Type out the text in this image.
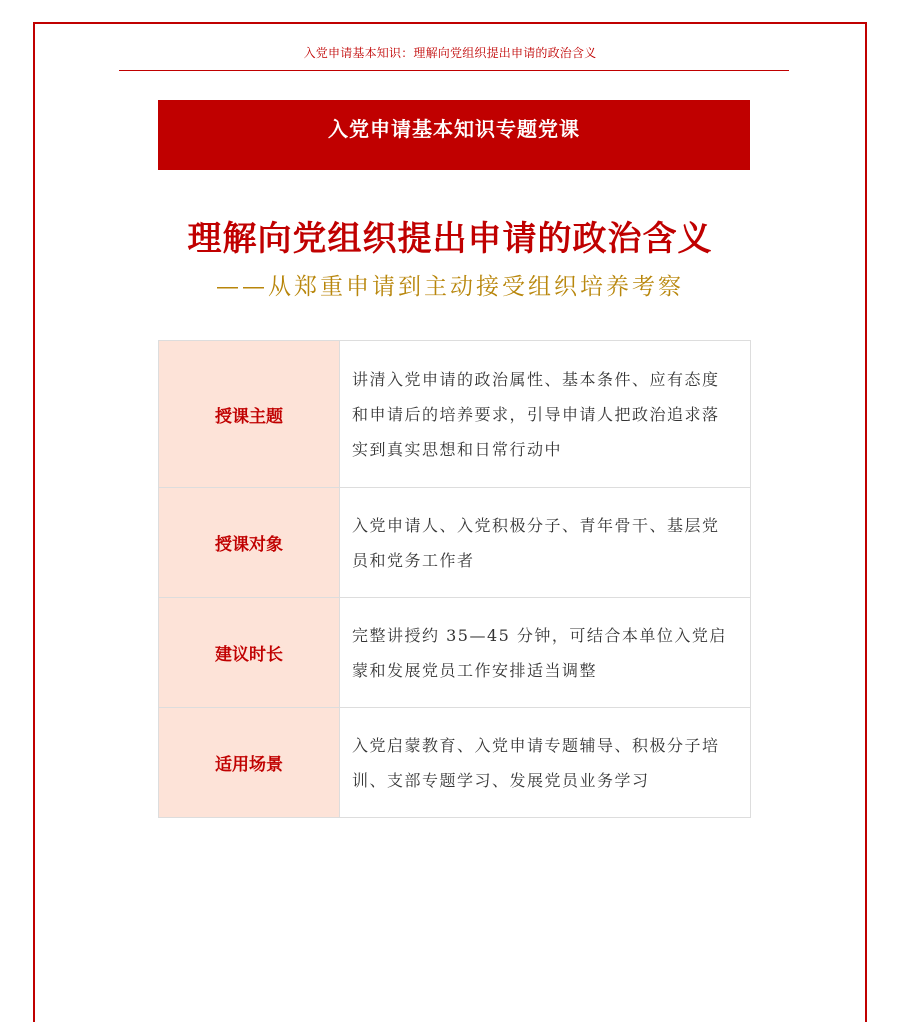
入党申请基本知识：理解向党组织提出申请的政治含义
入党申请基本知识专题党课
理解向党组织提出申请的政治含义
——从郑重申请到主动接受组织培养考察
授课主题	讲清入党申请的政治属性、基本条件、应有态度和申请后的培养要求，引导申请人把政治追求落实到真实思想和日常行动中
授课对象	入党申请人、入党积极分子、青年骨干、基层党员和党务工作者
建议时长	完整讲授约 35—45 分钟，可结合本单位入党启蒙和发展党员工作安排适当调整
适用场景	入党启蒙教育、入党申请专题辅导、积极分子培训、支部专题学习、发展党员业务学习
